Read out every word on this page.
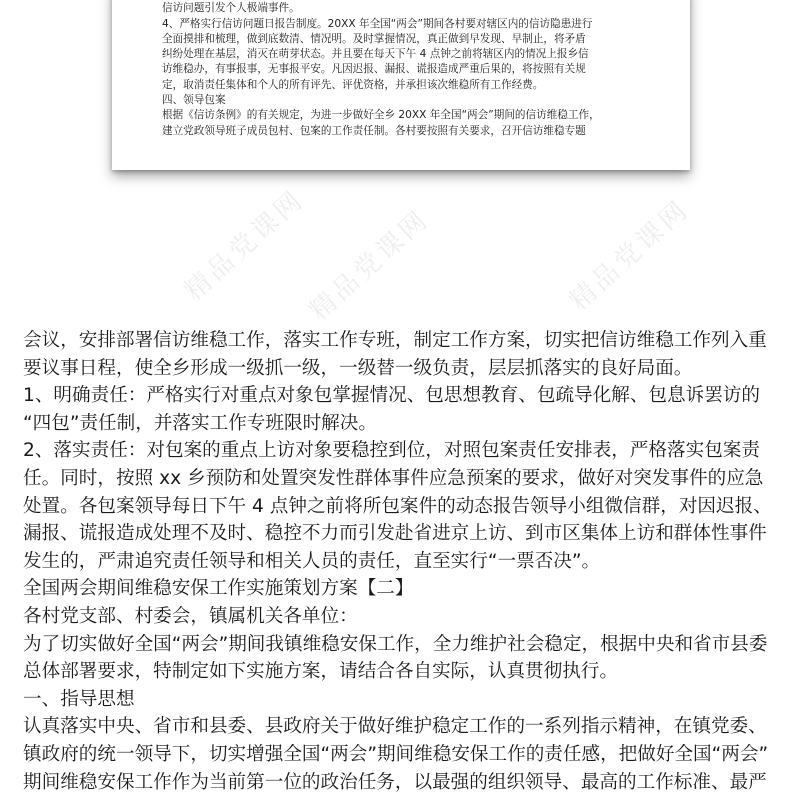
信访问题引发个人极端事件。

4、严格实行信访问题日报告制度。20XX 年全国“两会”期间各村要对辖区内的信访隐患进行

全面摸排和梳理，做到底数清、情况明。及时掌握情况，真正做到早发现、早制止，将矛盾

纠纷处理在基层，消灭在萌芽状态。并且要在每天下午 4 点钟之前将辖区内的情况上报乡信

访维稳办，有事报事，无事报平安。凡因迟报、漏报、谎报造成严重后果的，将按照有关规

定，取消责任集体和个人的所有评先、评优资格，并承担该次维稳所有工作经费。

四、领导包案

根据《信访条例》的有关规定，为进一步做好全乡 20XX 年全国“两会”期间的信访维稳工作，

建立党政领导班子成员包村、包案的工作责任制。各村要按照有关要求，召开信访维稳专题

精品党课网	精品党课网
精品党课网

会议，安排部署信访维稳工作，落实工作专班，制定工作方案，切实把信访维稳工作列入重

要议事日程，使全乡形成一级抓一级，一级替一级负责，层层抓落实的良好局面。

1、明确责任：严格实行对重点对象包掌握情况、包思想教育、包疏导化解、包息诉罢访的

“四包”责任制，并落实工作专班限时解决。

2、落实责任：对包案的重点上访对象要稳控到位，对照包案责任安排表，严格落实包案责

任。同时，按照 xx 乡预防和处置突发性群体事件应急预案的要求，做好对突发事件的应急

处置。各包案领导每日下午 4 点钟之前将所包案件的动态报告领导小组微信群，对因迟报、

漏报、谎报造成处理不及时、稳控不力而引发赴省进京上访、到市区集体上访和群体性事件

发生的，严肃追究责任领导和相关人员的责任，直至实行“一票否决”。

全国两会期间维稳安保工作实施策划方案【二】

各村党支部、村委会，镇属机关各单位：

为了切实做好全国“两会”期间我镇维稳安保工作，全力维护社会稳定，根据中央和省市县委

总体部署要求，特制定如下实施方案，请结合各自实际，认真贯彻执行。

一、指导思想

认真落实中央、省市和县委、县政府关于做好维护稳定工作的一系列指示精神，在镇党委、

镇政府的统一领导下，切实增强全国“两会”期间维稳安保工作的责任感，把做好全国“两会”

期间维稳安保工作作为当前第一位的政治任务，以最强的组织领导、最高的工作标准、最严
